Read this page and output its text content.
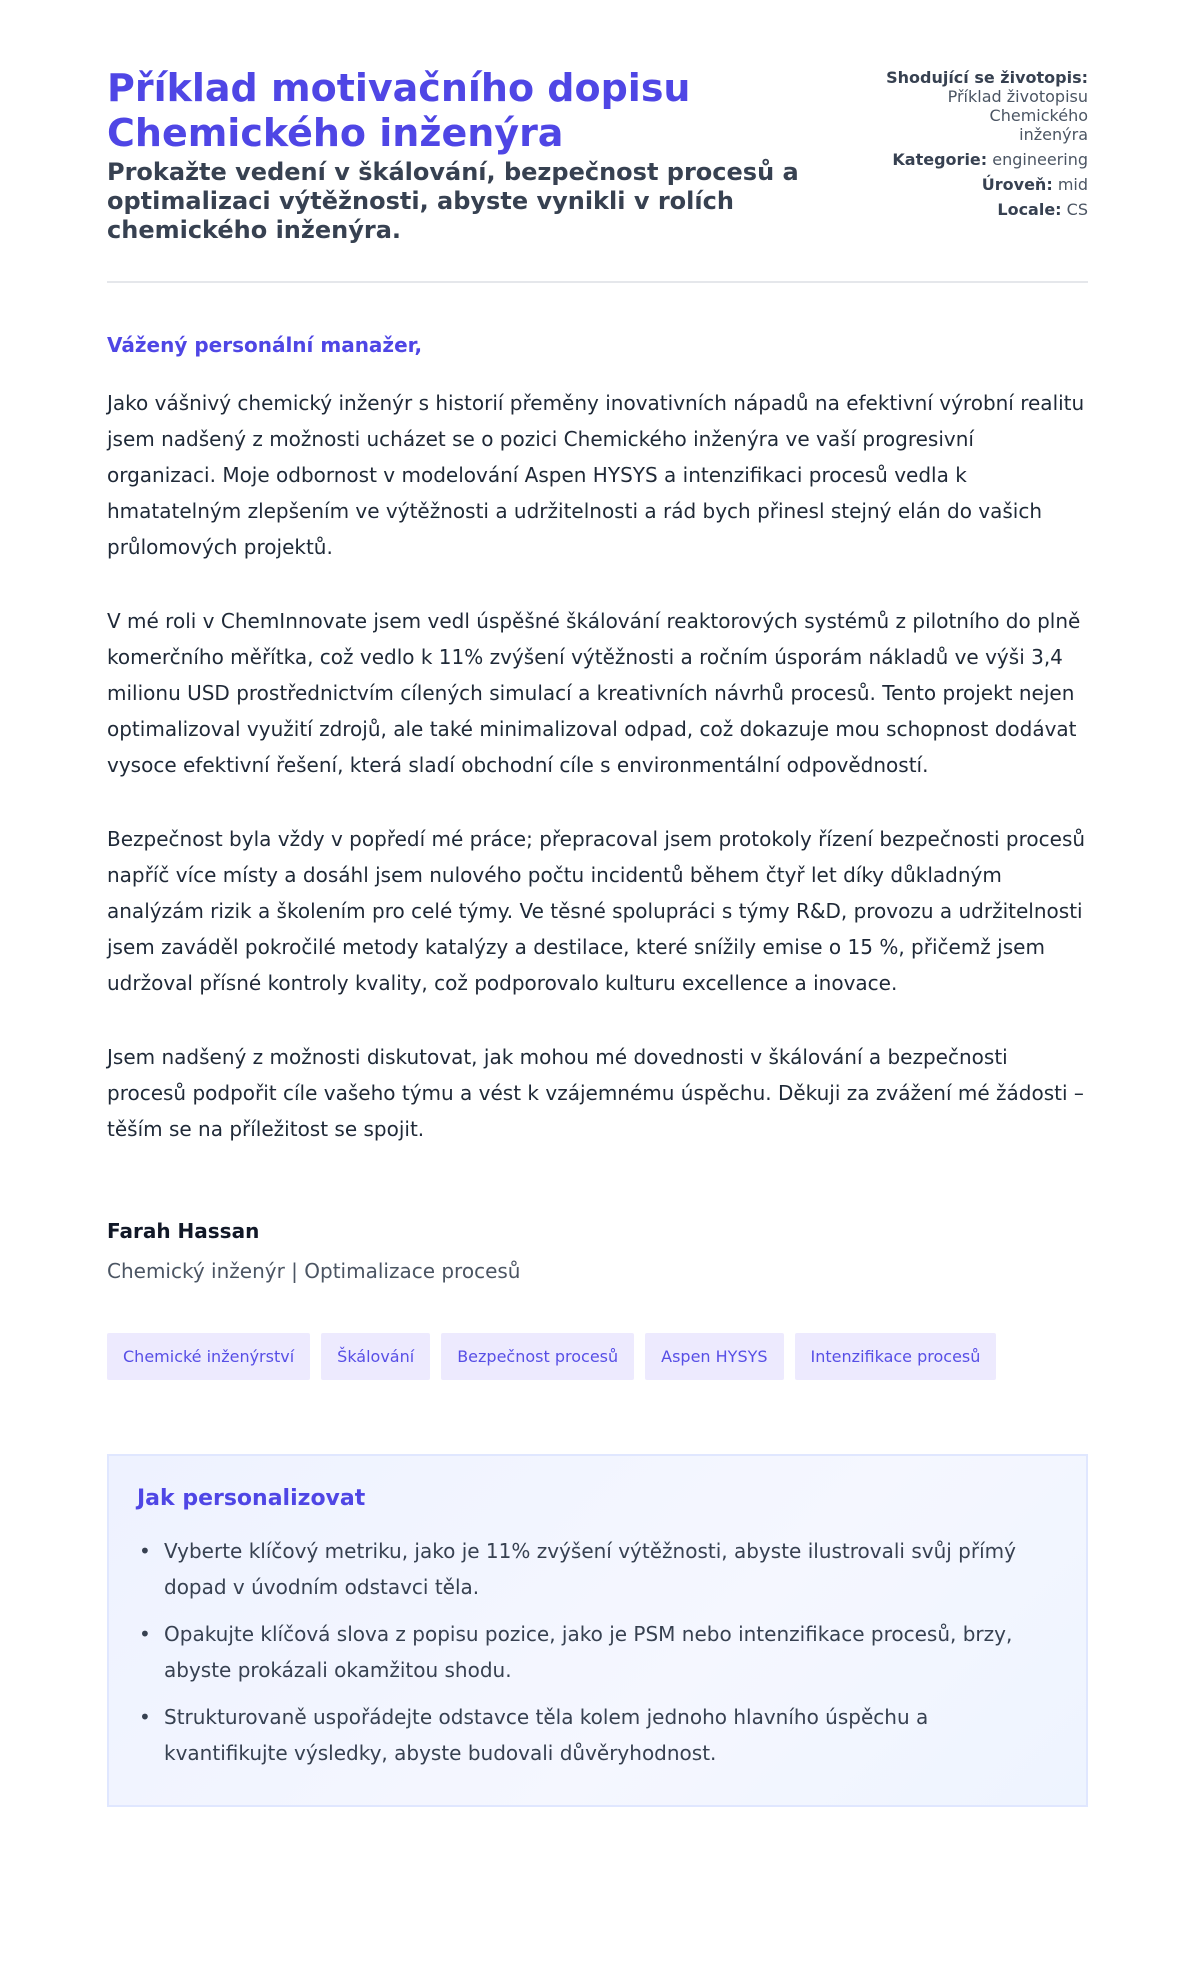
Příklad motivačního dopisu Chemického inženýra
Prokažte vedení v škálování, bezpečnost procesů a optimalizaci výtěžnosti, abyste vynikli v rolích chemického inženýra.
Shodující se životopis:
Příklad životopisu Chemického inženýra
Kategorie: engineering
Úroveň: mid
Locale: CS
Vážený personální manažer,

Jako vášnivý chemický inženýr s historií přeměny inovativních nápadů na efektivní výrobní realitu jsem nadšený z možnosti ucházet se o pozici Chemického inženýra ve vaší progresivní organizaci. Moje odbornost v modelování Aspen HYSYS a intenzifikaci procesů vedla k hmatatelným zlepšením ve výtěžnosti a udržitelnosti a rád bych přinesl stejný elán do vašich průlomových projektů.

V mé roli v ChemInnovate jsem vedl úspěšné škálování reaktorových systémů z pilotního do plně komerčního měřítka, což vedlo k 11% zvýšení výtěžnosti a ročním úsporám nákladů ve výši 3,4 milionu USD prostřednictvím cílených simulací a kreativních návrhů procesů. Tento projekt nejen optimalizoval využití zdrojů, ale také minimalizoval odpad, což dokazuje mou schopnost dodávat vysoce efektivní řešení, která sladí obchodní cíle s environmentální odpovědností.

Bezpečnost byla vždy v popředí mé práce; přepracoval jsem protokoly řízení bezpečnosti procesů napříč více místy a dosáhl jsem nulového počtu incidentů během čtyř let díky důkladným analýzám rizik a školením pro celé týmy. Ve těsné spolupráci s týmy R&D, provozu a udržitelnosti jsem zaváděl pokročilé metody katalýzy a destilace, které snížily emise o 15 %, přičemž jsem udržoval přísné kontroly kvality, což podporovalo kulturu excellence a inovace.

Jsem nadšený z možnosti diskutovat, jak mohou mé dovednosti v škálování a bezpečnosti procesů podpořit cíle vašeho týmu a vést k vzájemnému úspěchu. Děkuji za zvážení mé žádosti – těším se na příležitost se spojit.

Farah Hassan
Chemický inženýr | Optimalizace procesů
Chemické inženýrství	Škálování	Bezpečnost procesů	Aspen HYSYS	Intenzifikace procesů
Jak personalizovat
• Vyberte klíčový metriku, jako je 11% zvýšení výtěžnosti, abyste ilustrovali svůj přímý dopad v úvodním odstavci těla.
• Opakujte klíčová slova z popisu pozice, jako je PSM nebo intenzifikace procesů, brzy, abyste prokázali okamžitou shodu.
• Strukturovaně uspořádejte odstavce těla kolem jednoho hlavního úspěchu a kvantifikujte výsledky, abyste budovali důvěryhodnost.
